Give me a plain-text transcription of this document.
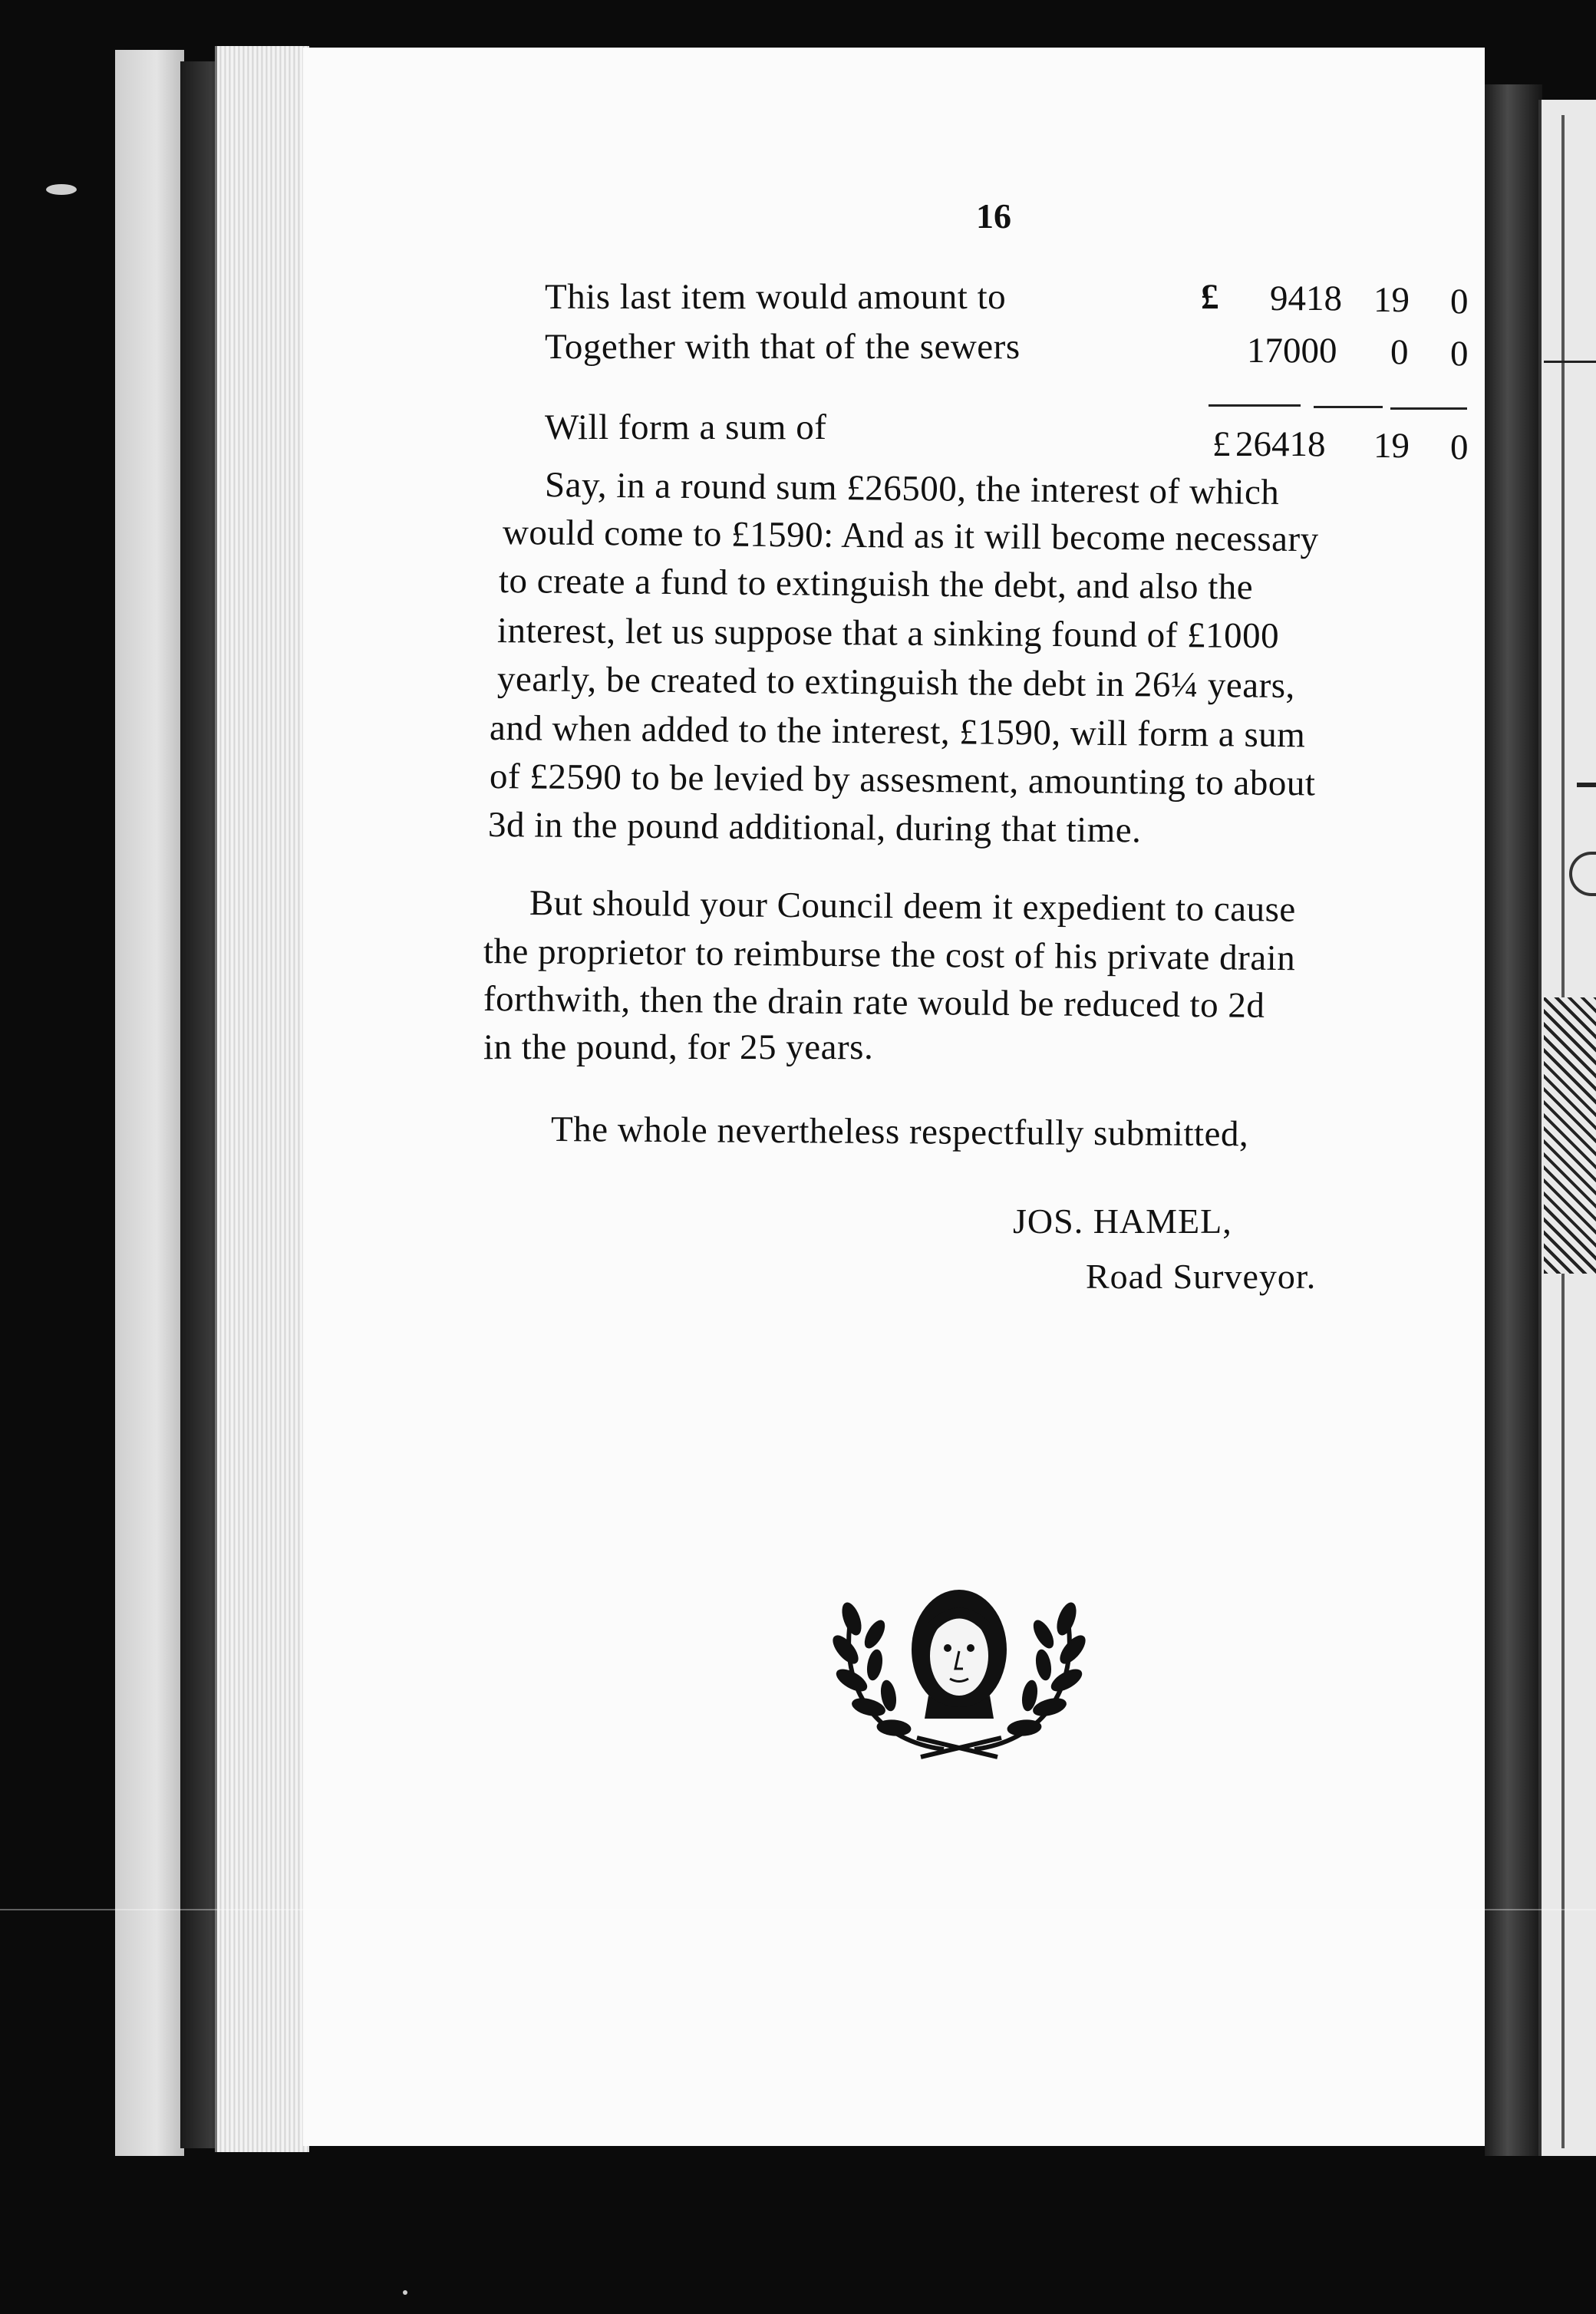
16
This last item would amount to	£ 9418 19 0
Together with that of the sewers	17000 0 0
Will form a sum of	£ 26418 19 0
Say, in a round sum £26500, the interest of which
would come to £1590: And as it will become necessary
to create a fund to extinguish the debt, and also the
interest, let us suppose that a sinking found of £1000
yearly, be created to extinguish the debt in 26¼ years,
and when added to the interest, £1590, will form a sum
of £2590 to be levied by assesment, amounting to about
3d in the pound additional, during that time.
But should your Council deem it expedient to cause
the proprietor to reimburse the cost of his private drain
forthwith, then the drain rate would be reduced to 2d
in the pound, for 25 years.
The whole nevertheless respectfully submitted,
JOS. HAMEL,
Road Surveyor.
